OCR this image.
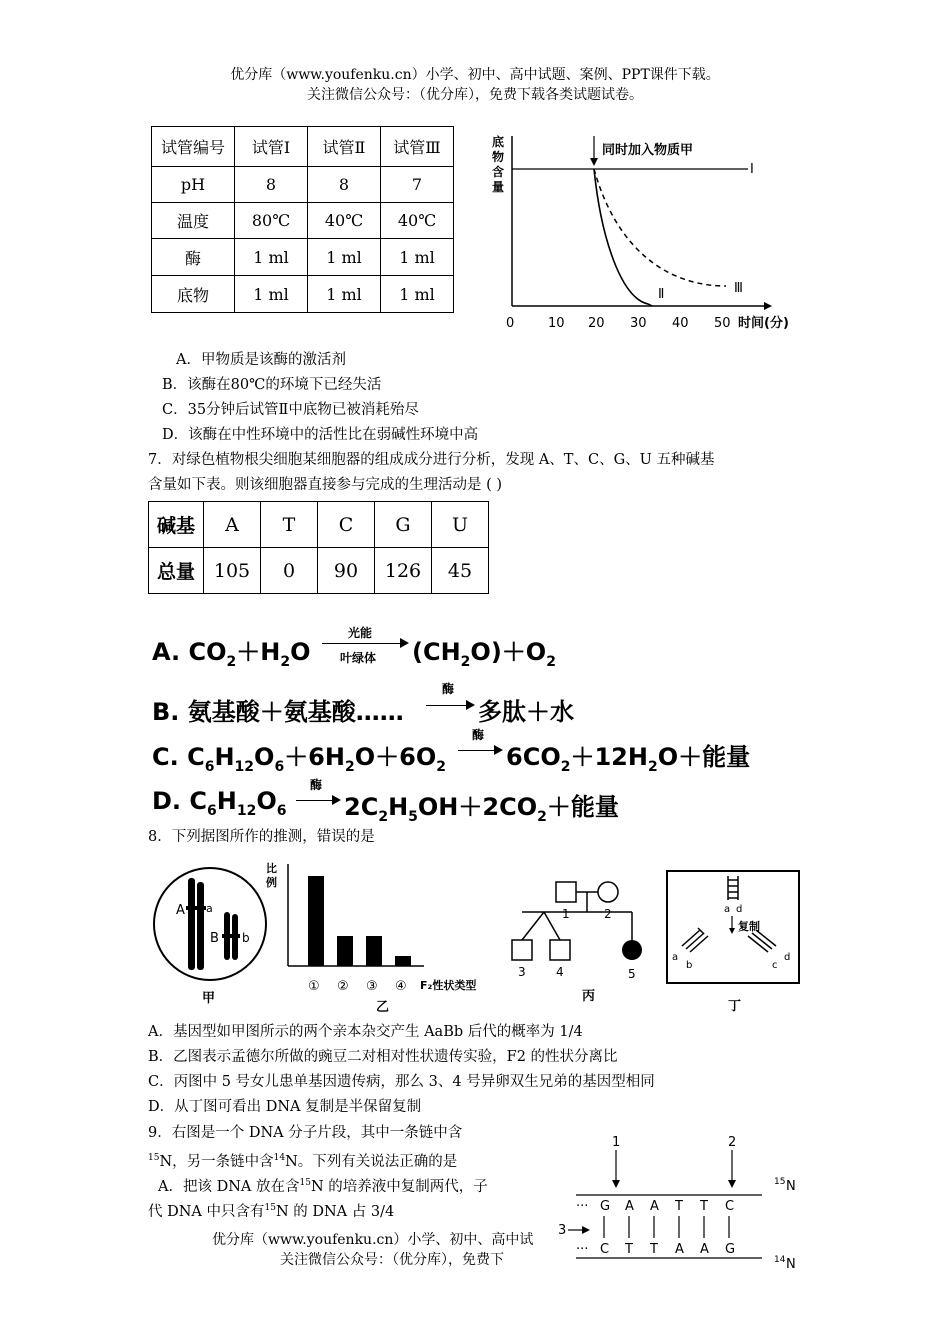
优分库（www.youfenku.cn）小学、初中、高中试题、案例、PPT课件下载。
关注微信公众号：（优分库），免费下载各类试题试卷。
试管编号	试管Ⅰ	试管Ⅱ	试管Ⅲ
pH	8	8	7
温度	80℃	40℃	40℃
酶	1 ml	1 ml	1 ml
底物	1 ml	1 ml	1 ml
底
物
含
量
同时加入物质甲
Ⅰ
Ⅱ	Ⅲ
0	10 20 30 40 50 时间(分)
A．甲物质是该酶的激活剂
B．该酶在80℃的环境下已经失活
C．35分钟后试管Ⅱ中底物已被消耗殆尽
D．该酶在中性环境中的活性比在弱碱性环境中高
7．对绿色植物根尖细胞某细胞器的组成成分进行分析，发现 A、T、C、G、U 五种碱基
含量如下表。则该细胞器直接参与完成的生理活动是 ( )
碱基	A	T	C	G	U
总量	105	0	90	126	45
A. $CO_2+H_2O$
光能
叶绿体 $(CH_2O)+O_2$
B. 氨基酸＋氨基酸……
酶
多肽＋水
C. $C_6H_{12}O_6+6H_2O+6O_2$
酶
$6CO_2+12H_2O+$能量
D. $C_6H_{12}O_6$
酶
$2C_2H_5OH+2CO_2+$能量
8．下列据图所作的推测，错误的是
A a
B b
甲
比
例
① ② ③ ④ F₂性状类型
乙
1	2
3	4	5
丙
a d
复制
a
b	c
d
丁
A．基因型如甲图所示的两个亲本杂交产生 AaBb 后代的概率为 1/4
B．乙图表示孟德尔所做的豌豆二对相对性状遗传实验，F2 的性状分离比
C．丙图中 5 号女儿患单基因遗传病，那么 3、4 号异卵双生兄弟的基因型相同
D．从丁图可看出 DNA 复制是半保留复制
9．右图是一个 DNA 分子片段，其中一条链中含
$^{15}$N，另一条链中含$^{14}$N。下列有关说法正确的是
A．把该 DNA 放在含$^{15}$N 的培养液中复制两代，子
代 DNA 中只含有$^{15}$N 的 DNA 占 3/4
1	2
···
···
G
C
A
T
A
T
T
A
T
A
C
G
3
15 N
14 N
优分库（www.youfenku.cn）小学、初中、高中试
关注微信公众号：（优分库），免费下
